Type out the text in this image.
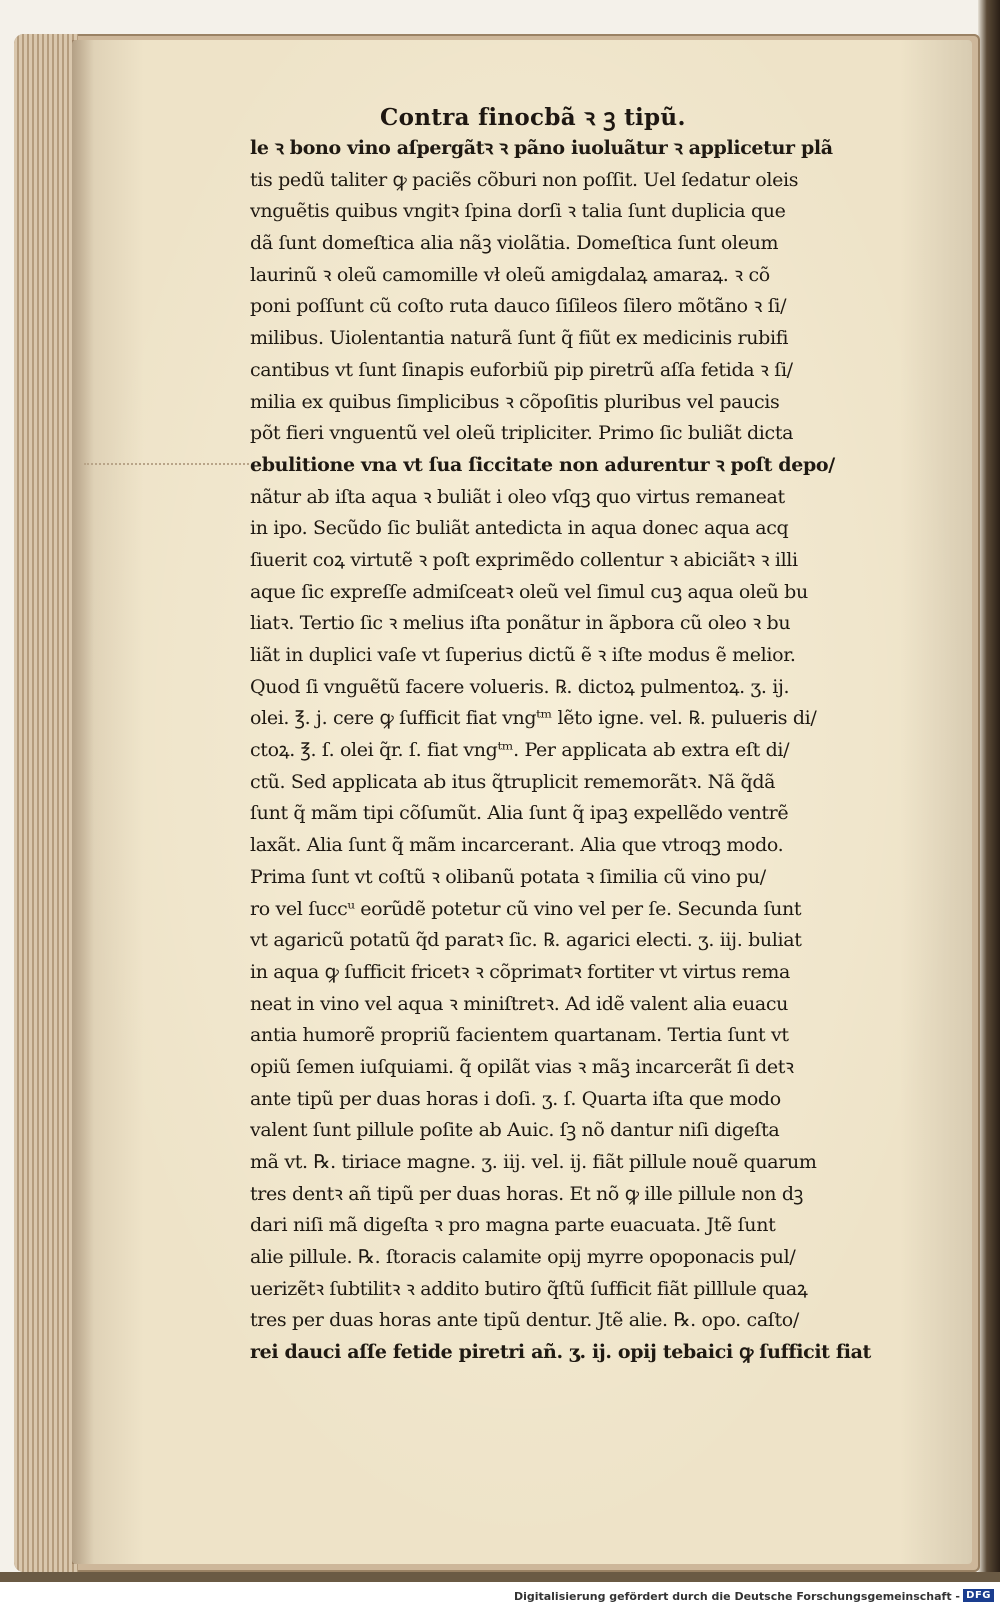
Contra finocbã ꝛ ꝫ tipũ.
le ꝛ bono vino aſpergãtꝛ ꝛ pãno iuoluãtur ꝛ applicetur plã
tis pedũ taliter ꝙ paciẽs cõburi non poſſit. Uel ſedatur oleis
vnguẽtis quibus vngitꝛ ſpina dorſi ꝛ talia ſunt duplicia que
dã ſunt domeſtica alia nãꝫ violãtia. Domeſtica ſunt oleum
laurinũ ꝛ oleũ camomille vł oleũ amigdalaꝝ amaraꝝ. ꝛ cõ
poni poſſunt cũ coſto ruta dauco ſiſileos ſilero mõtãno ꝛ ſi/
milibus. Uiolentantia naturã ſunt q̃ fiũt ex medicinis rubifi
cantibus vt ſunt ſinapis euforbiũ pip piretrũ aſſa fetida ꝛ ſi/
milia ex quibus ſimplicibus ꝛ cõpoſitis pluribus vel paucis
põt fieri vnguentũ vel oleũ tripliciter. Primo ſic buliãt dicta
ebulitione vna vt ſua ſiccitate non adurentur ꝛ poſt depo/
nãtur ab iſta aqua ꝛ buliãt i oleo vſqꝫ quo virtus remaneat
in ipo. Secũdo ſic buliãt antedicta in aqua donec aqua acq
ſiuerit coꝝ virtutẽ ꝛ poſt exprimẽdo collentur ꝛ abiciãtꝛ ꝛ illi
aque ſic expreſſe admiſceatꝛ oleũ vel ſimul cuꝫ aqua oleũ bu
liatꝛ. Tertio ſic ꝛ melius iſta ponãtur in ãpbora cũ oleo ꝛ bu
liãt in duplici vaſe vt ſuperius dictũ ẽ ꝛ iſte modus ẽ melior.
Quod ſi vnguẽtũ facere volueris. ℞. dictoꝝ pulmentoꝝ. ʒ. ij.
olei. ℥. j. cere ꝙ ſufficit fiat vngᵗᵐ lẽto igne. vel. ℞. pulueris di/
ctoꝝ. ℥. ſ. olei q̃r. ſ. fiat vngᵗᵐ. Per applicata ab extra eſt di/
ctũ. Sed applicata ab itus q̃truplicit rememorãtꝛ. Nã q̃dã
ſunt q̃ mãm tipi cõſumũt. Alia ſunt q̃ ipaꝫ expellẽdo ventrẽ
laxãt. Alia ſunt q̃ mãm incarcerant. Alia que vtroqꝫ modo.
Prima ſunt vt coſtũ ꝛ olibanũ potata ꝛ ſimilia cũ vino pu/
ro vel ſuccᵘ eorũdẽ potetur cũ vino vel per ſe. Secunda ſunt
vt agaricũ potatũ q̃d paratꝛ ſic. ℞. agarici electi. ʒ. iij. buliat
in aqua ꝙ ſufficit fricetꝛ ꝛ cõprimatꝛ fortiter vt virtus rema
neat in vino vel aqua ꝛ miniſtretꝛ. Ad idẽ valent alia euacu
antia humorẽ propriũ facientem quartanam. Tertia ſunt vt
opiũ ſemen iuſquiami. q̃ opilãt vias ꝛ mãꝫ incarcerãt ſi detꝛ
ante tipũ per duas horas i doſi. ʒ. ſ. Quarta iſta que modo
valent ſunt pillule poſite ab Auic. ſꝫ nõ dantur niſi digeſta
mã vt. ℞. tiriace magne. ʒ. iij. vel. ij. fiãt pillule nouẽ quarum
tres dentꝛ añ tipũ per duas horas. Et nõ ꝙ ille pillule non dꝫ
dari niſi mã digeſta ꝛ pro magna parte euacuata. Jtẽ ſunt
alie pillule. ℞. ſtoracis calamite opij myrre opoponacis pul/
uerizẽtꝛ ſubtilitꝛ ꝛ addito butiro q̃ſtũ ſufficit fiãt pilllule quaꝝ
tres per duas horas ante tipũ dentur. Jtẽ alie. ℞. opo. caſto/
rei dauci aſſe fetide piretri añ. ʒ. ij. opij tebaici ꝙ ſufficit fiat
Digitalisierung gefördert durch die Deutsche Forschungsgemeinschaft - DFG
